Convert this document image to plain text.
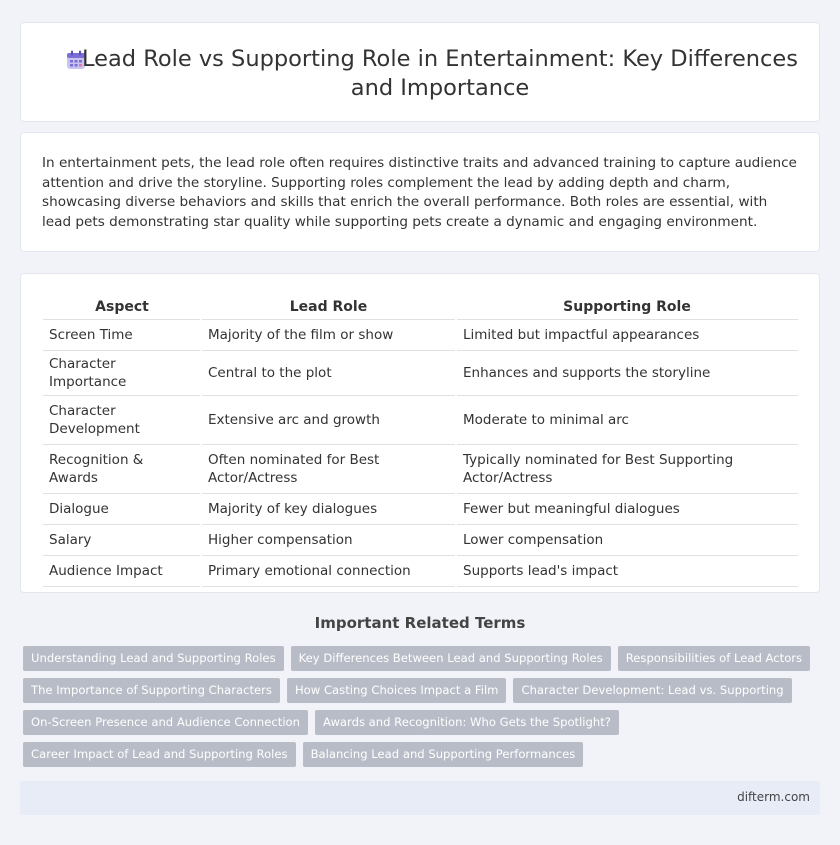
Lead Role vs Supporting Role in Entertainment: Key Differences and Importance

In entertainment pets, the lead role often requires distinctive traits and advanced training to capture audience attention and drive the storyline. Supporting roles complement the lead by adding depth and charm, showcasing diverse behaviors and skills that enrich the overall performance. Both roles are essential, with lead pets demonstrating star quality while supporting pets create a dynamic and engaging environment.

Aspect	Lead Role	Supporting Role
Screen Time	Majority of the film or show	Limited but impactful appearances
Character Importance	Central to the plot	Enhances and supports the storyline
Character Development	Extensive arc and growth	Moderate to minimal arc
Recognition & Awards	Often nominated for Best Actor/Actress	Typically nominated for Best Supporting Actor/Actress
Dialogue	Majority of key dialogues	Fewer but meaningful dialogues
Salary	Higher compensation	Lower compensation
Audience Impact	Primary emotional connection	Supports lead's impact
Important Related Terms
Understanding Lead and Supporting Roles	Key Differences Between Lead and Supporting Roles	Responsibilities of Lead Actors
The Importance of Supporting Characters	How Casting Choices Impact a Film	Character Development: Lead vs. Supporting
On-Screen Presence and Audience Connection	Awards and Recognition: Who Gets the Spotlight?
Career Impact of Lead and Supporting Roles	Balancing Lead and Supporting Performances
difterm.com
